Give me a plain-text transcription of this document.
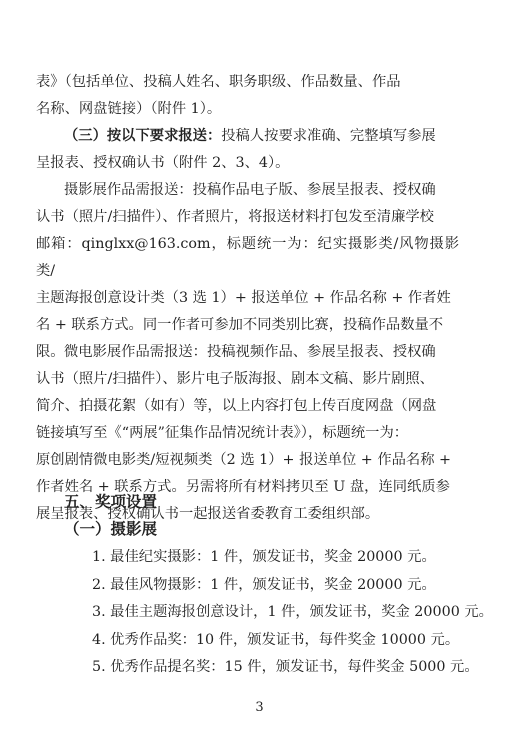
表》（包括单位、投稿人姓名、职务职级、作品数量、作品
名称、网盘链接）（附件 1）。

（三）按以下要求报送：投稿人按要求准确、完整填写参展
呈报表、授权确认书（附件 2、3、4）。

摄影展作品需报送：投稿作品电子版、参展呈报表、授权确
认书（照片/扫描件）、作者照片，将报送材料打包发至清廉学校
邮箱：qinglxx@163.com，标题统一为：纪实摄影类/风物摄影类/
主题海报创意设计类（3 选 1）+ 报送单位 + 作品名称 + 作者姓
名 + 联系方式。同一作者可参加不同类别比赛，投稿作品数量不
限。 微电影展作品需报送：投稿视频作品、参展呈报表、授权确
认书（照片/扫描件）、影片电子版海报、剧本文稿、影片剧照、
简介、拍摄花絮（如有）等，以上内容打包上传百度网盘（网盘
链接填写至《“两展”征集作品情况统计表》），标题统一为：
原创剧情微电影类/短视频类（2 选 1）+ 报送单位 + 作品名称 +
作者姓名 + 联系方式。另需将所有材料拷贝至 U 盘，连同纸质参
展呈报表、授权确认书一起报送省委教育工委组织部。

五、奖项设置
（一）摄影展
1. 最佳纪实摄影：1 件，颁发证书，奖金 20000 元。
2. 最佳风物摄影：1 件，颁发证书，奖金 20000 元。
3. 最佳主题海报创意设计，1 件，颁发证书，奖金 20000 元。
4. 优秀作品奖：10 件，颁发证书，每件奖金 10000 元。
5. 优秀作品提名奖：15 件，颁发证书，每件奖金 5000 元。
3
